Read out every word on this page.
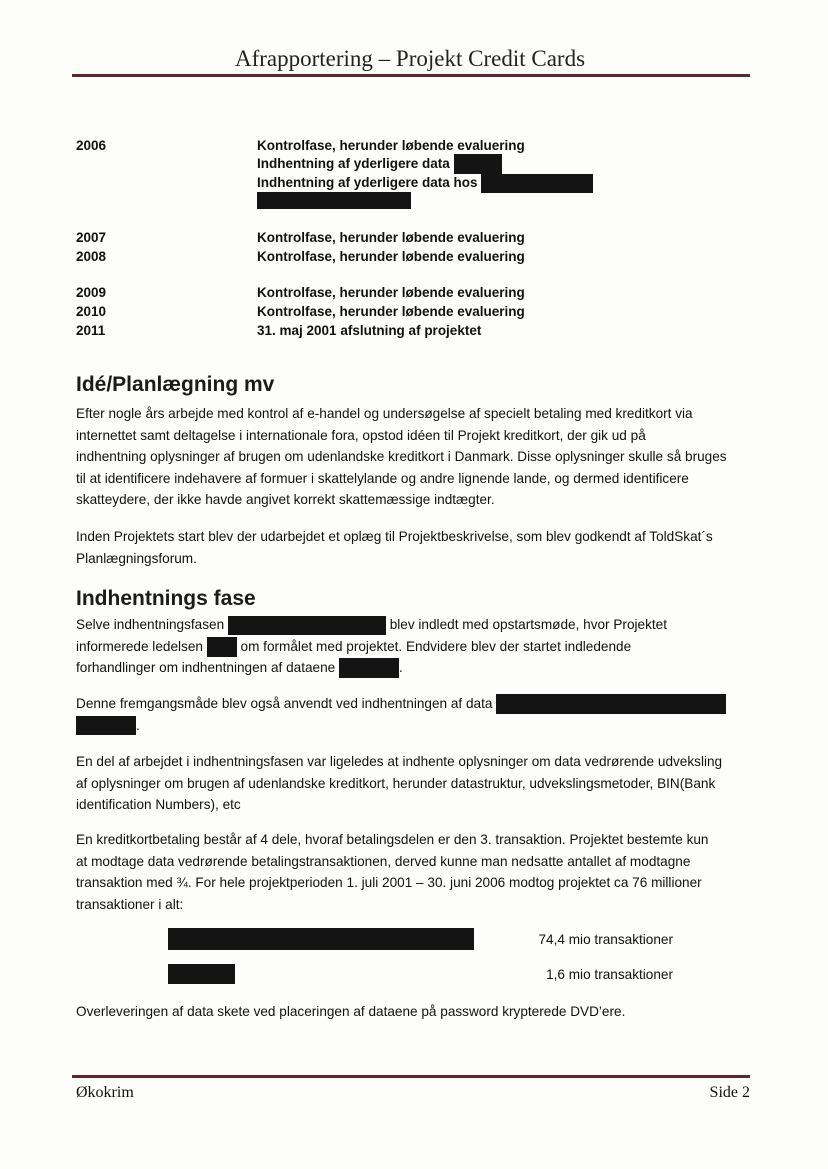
Afrapportering – Projekt Credit Cards
2006	Kontrolfase, herunder løbende evaluering
Indhentning af yderligere data
Indhentning af yderligere data hos
2007	Kontrolfase, herunder løbende evaluering
2008	Kontrolfase, herunder løbende evaluering
2009	Kontrolfase, herunder løbende evaluering
2010	Kontrolfase, herunder løbende evaluering
2011	31. maj 2001 afslutning af projektet
Idé/Planlægning mv
Efter nogle års arbejde med kontrol af e-handel og undersøgelse af specielt betaling med kreditkort via
internettet samt deltagelse i internationale fora, opstod idéen til Projekt kreditkort, der gik ud på
indhentning oplysninger af brugen om udenlandske kreditkort i Danmark. Disse oplysninger skulle så bruges
til at identificere indehavere af formuer i skattelylande og andre lignende lande, og dermed identificere
skatteydere, der ikke havde angivet korrekt skattemæssige indtægter.
Inden Projektets start blev der udarbejdet et oplæg til Projektbeskrivelse, som blev godkendt af ToldSkat´s
Planlægningsforum.
Indhentnings fase
Selve indhentningsfasen	blev indledt med opstartsmøde, hvor Projektet
informerede ledelsen	om formålet med projektet. Endvidere blev der startet indledende
forhandlinger om indhentningen af dataene	.
Denne fremgangsmåde blev også anvendt ved indhentningen af data
.
En del af arbejdet i indhentningsfasen var ligeledes at indhente oplysninger om data vedrørende udveksling
af oplysninger om brugen af udenlandske kreditkort, herunder datastruktur, udvekslingsmetoder, BIN(Bank
identification Numbers), etc
En kreditkortbetaling består af 4 dele, hvoraf betalingsdelen er den 3. transaktion. Projektet bestemte kun
at modtage data vedrørende betalingstransaktionen, derved kunne man nedsatte antallet af modtagne
transaktion med ¾. For hele projektperioden 1. juli 2001 – 30. juni 2006 modtog projektet ca 76 millioner
transaktioner i alt:
74,4 mio transaktioner
1,6 mio transaktioner
Overleveringen af data skete ved placeringen af dataene på password krypterede DVD’ere.
Økokrim	Side 2
